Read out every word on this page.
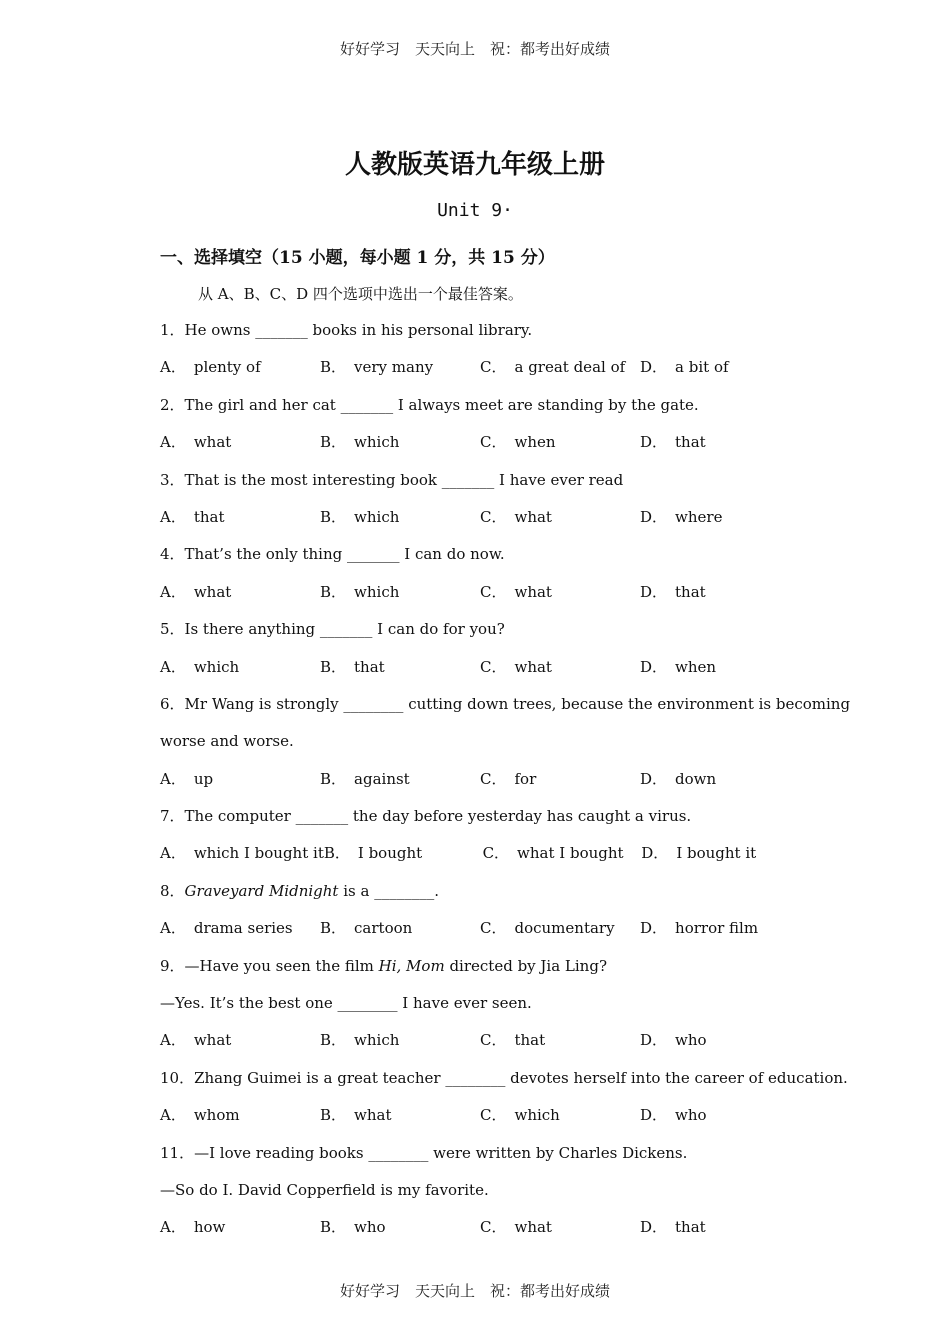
好好学习　天天向上　祝：都考出好成绩
人教版英语九年级上册
Unit 9·
一、选择填空（15 小题，每小题 1 分，共 15 分）
从 A、B、C、D 四个选项中选出一个最佳答案。
1．He owns _______ books in his personal library.
A． plenty of	B． very many	C． a great deal of D． a bit of
2．The girl and her cat _______ I always meet are standing by the gate.
A． what	B． which	C． when	D． that
3．That is the most interesting book _______ I have ever read
A． that	B． which	C． what	D． where
4．That’s the only thing _______ I can do now.
A． what	B． which	C． what	D． that
5．Is there anything _______ I can do for you?
A． which	B． that	C． what	D． when
6．Mr Wang is strongly ________ cutting down trees, because the environment is becoming
worse and worse.
A． up	B． against	C． for	D． down
7．The computer _______ the day before yesterday has caught a virus.
A． which I bought it B． I bought	C． what I bought	D． I bought it
8．Graveyard Midnight is a ________.
A． drama series	B． cartoon	C． documentary	D． horror film
9．—Have you seen the film Hi, Mom directed by Jia Ling?
—Yes. It’s the best one ________ I have ever seen.
A． what	B． which	C． that	D． who
10．Zhang Guimei is a great teacher ________ devotes herself into the career of education.
A． whom	B． what	C． which	D． who
11．—I love reading books ________ were written by Charles Dickens.
—So do I. David Copperfield is my favorite.
A． how	B． who	C． what	D． that
好好学习　天天向上　祝：都考出好成绩
